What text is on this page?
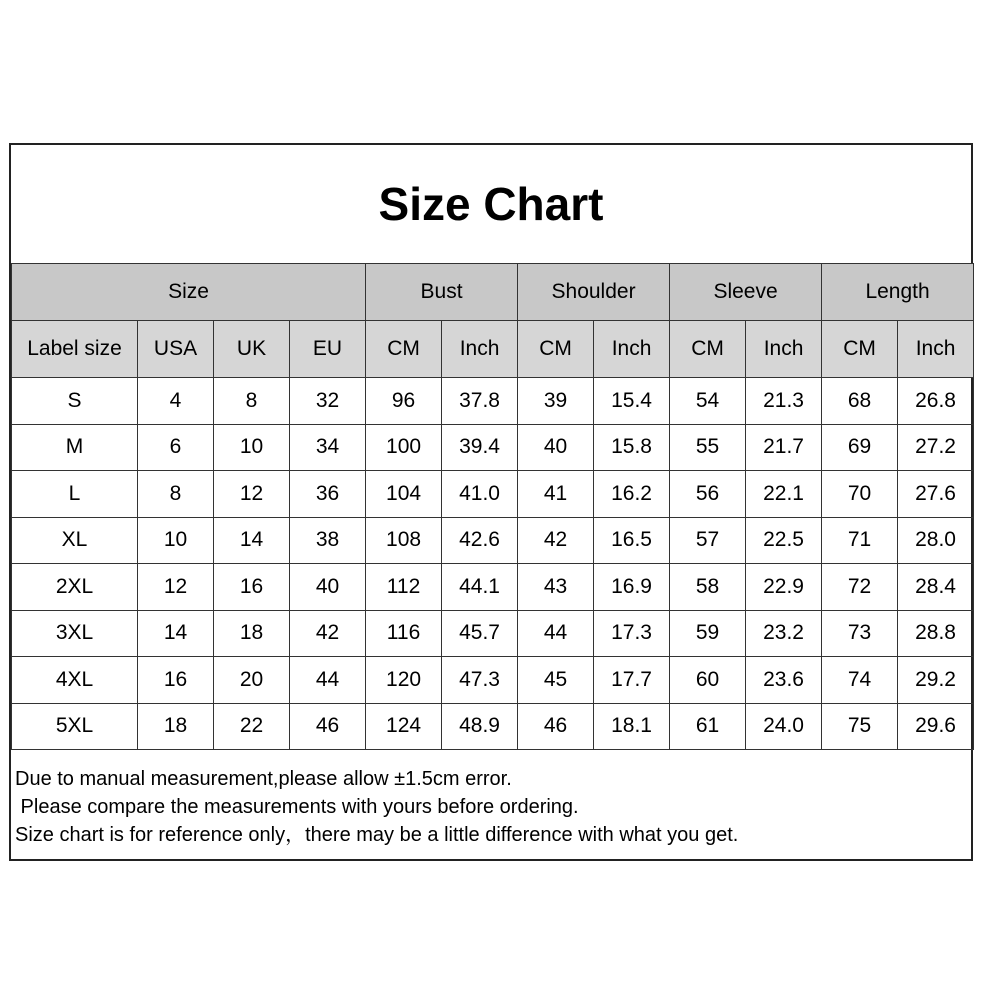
Size Chart
Size				Bust		Shoulder		Sleeve		Length	
Label size	USA	UK	EU	CM	Inch	CM	Inch	CM	Inch	CM	Inch
S	4	8	32	96	37.8	39	15.4	54	21.3	68	26.8
M	6	10	34	100	39.4	40	15.8	55	21.7	69	27.2
L	8	12	36	104	41.0	41	16.2	56	22.1	70	27.6
XL	10	14	38	108	42.6	42	16.5	57	22.5	71	28.0
2XL	12	16	40	112	44.1	43	16.9	58	22.9	72	28.4
3XL	14	18	42	116	45.7	44	17.3	59	23.2	73	28.8
4XL	16	20	44	120	47.3	45	17.7	60	23.6	74	29.2
5XL	18	22	46	124	48.9	46	18.1	61	24.0	75	29.6
Due to manual measurement,please allow ±1.5cm error.
Please compare the measurements with yours before ordering.
Size chart is for reference only，there may be a little difference with what you get.
